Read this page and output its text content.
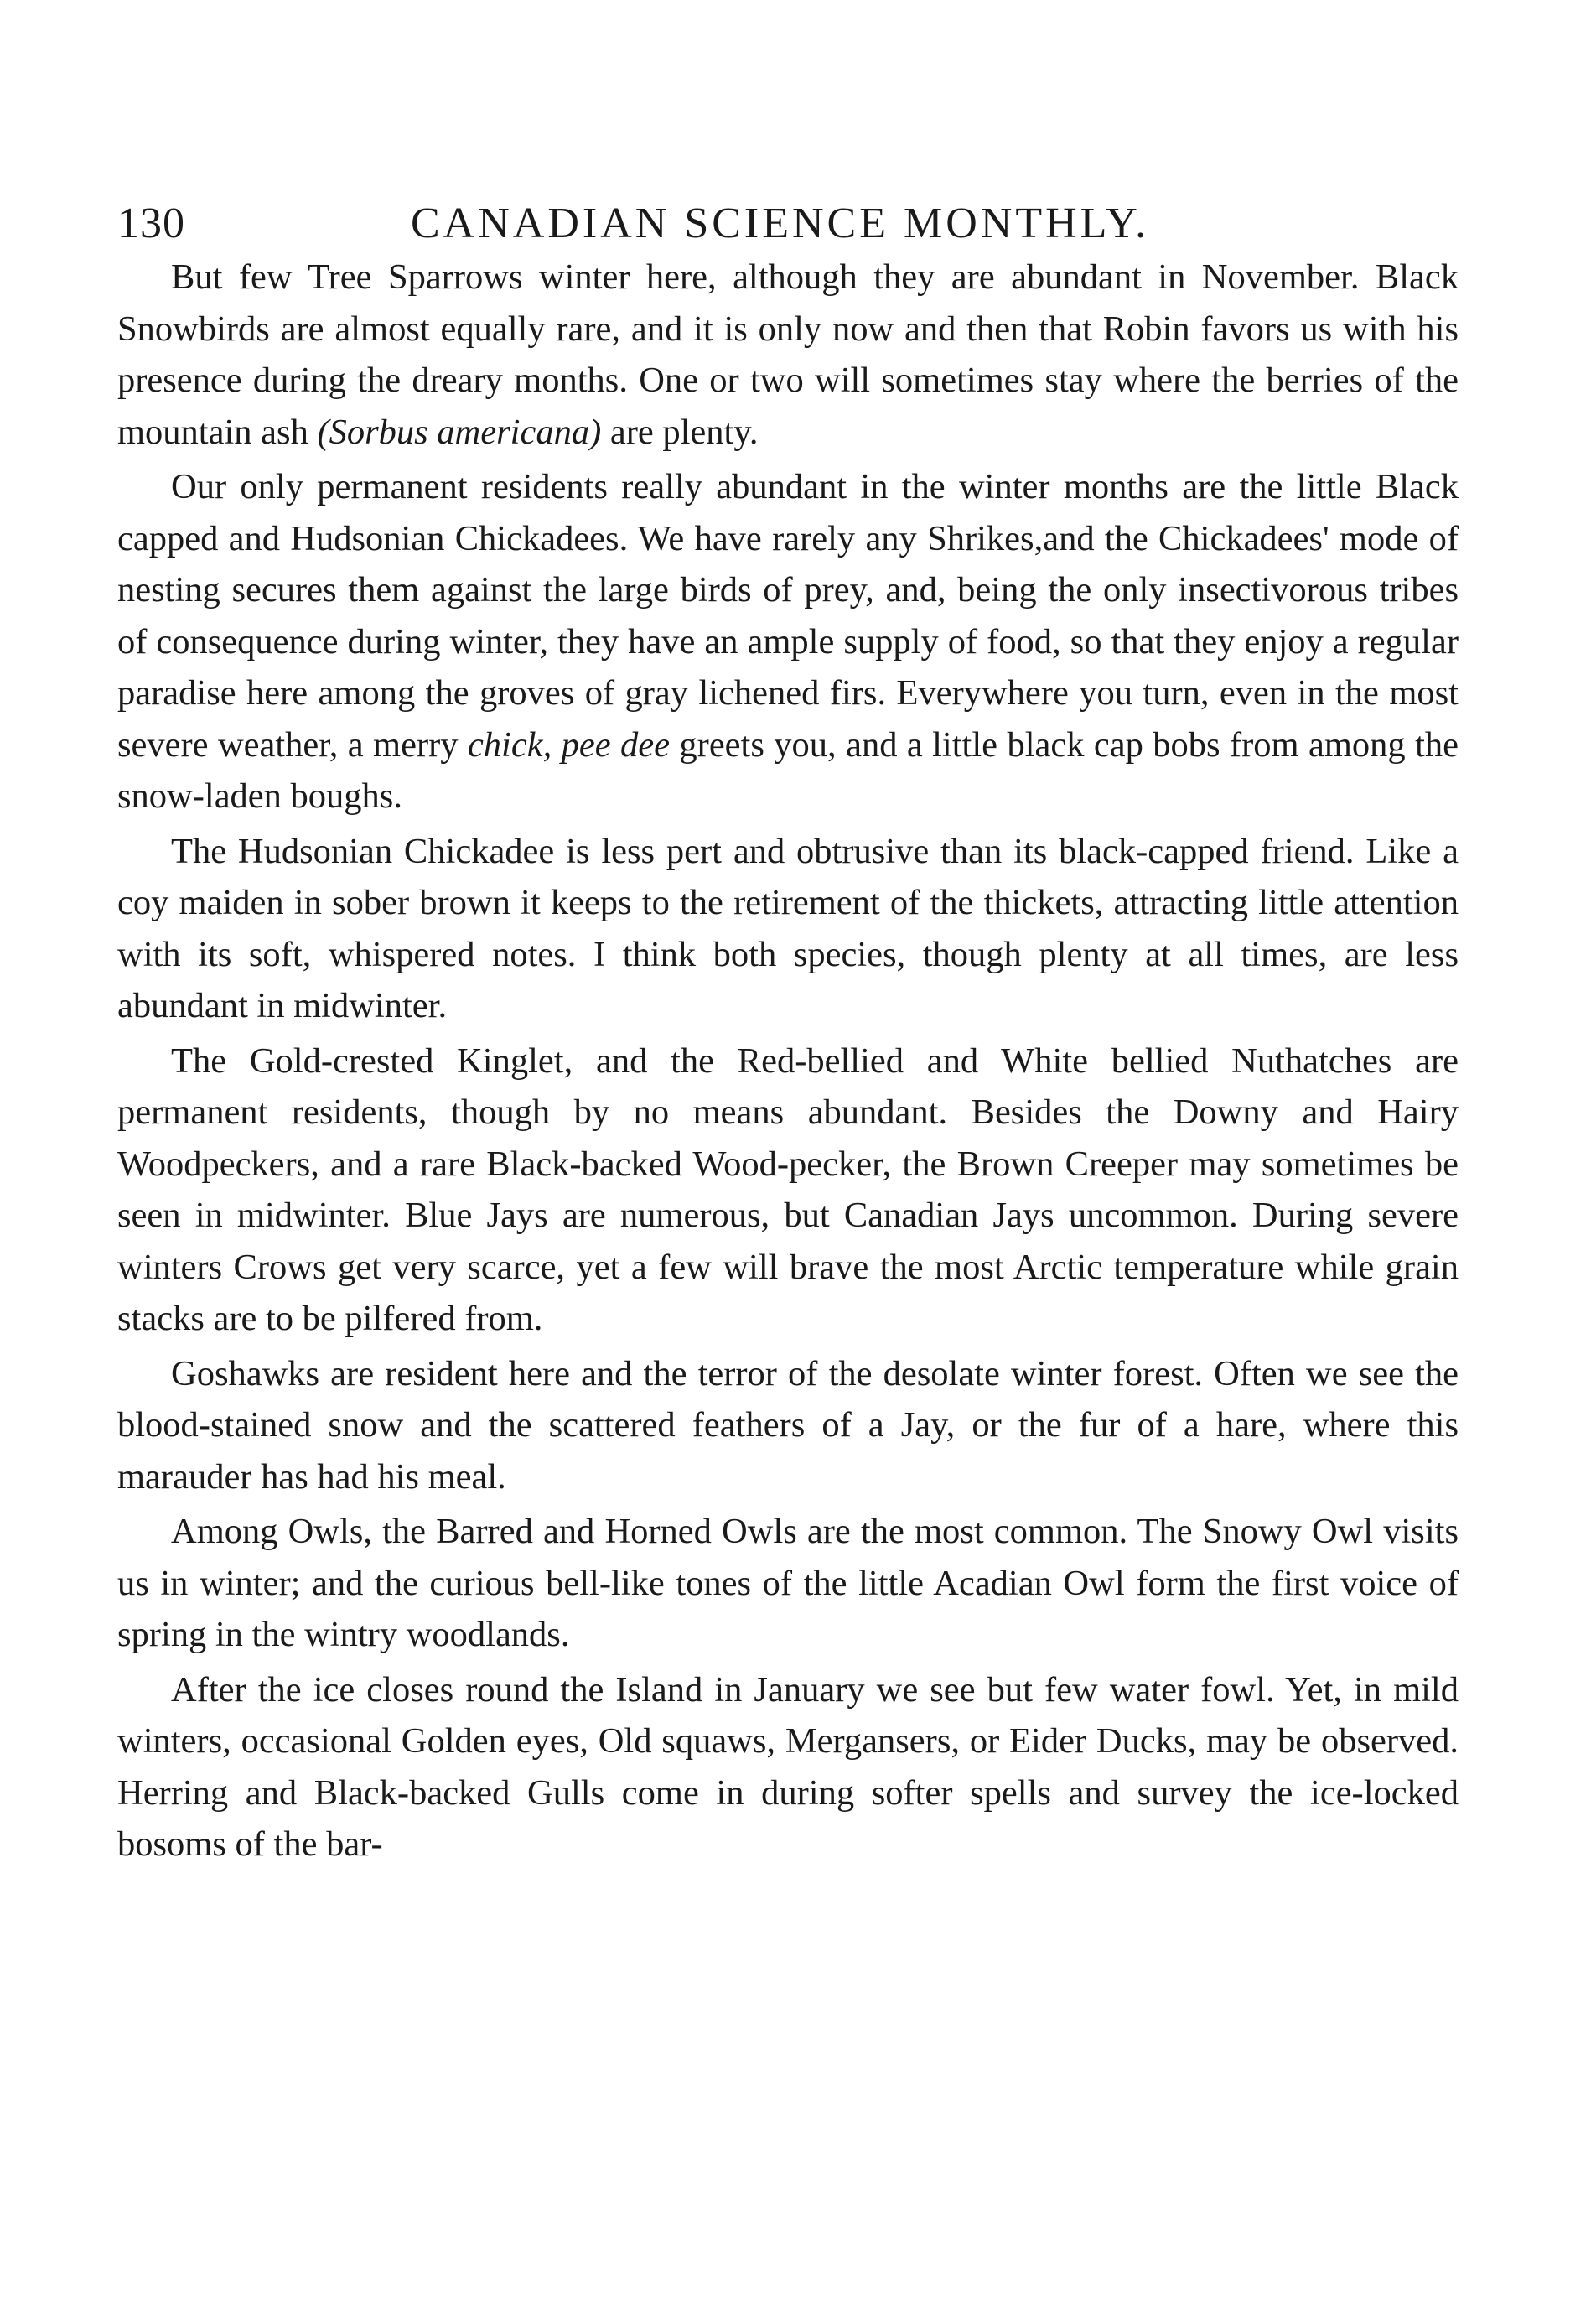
130	CANADIAN SCIENCE MONTHLY.

But few Tree Sparrows winter here, although they are abundant in November. Black Snowbirds are almost equally rare, and it is only now and then that Robin favors us with his presence during the dreary months. One or two will sometimes stay where the berries of the mountain ash (Sorbus americana) are plenty.

Our only permanent residents really abundant in the winter months are the little Black capped and Hudsonian Chickadees. We have rarely any Shrikes,and the Chickadees' mode of nesting secures them against the large birds of prey, and, being the only insectivorous tribes of consequence during winter, they have an ample supply of food, so that they enjoy a regular paradise here among the groves of gray lichened firs. Everywhere you turn, even in the most severe weather, a merry chick, pee dee greets you, and a little black cap bobs from among the snow-laden boughs.

The Hudsonian Chickadee is less pert and obtrusive than its black-capped friend. Like a coy maiden in sober brown it keeps to the retirement of the thickets, attracting little attention with its soft, whispered notes. I think both species, though plenty at all times, are less abundant in midwinter.

The Gold-crested Kinglet, and the Red-bellied and White bellied Nuthatches are permanent residents, though by no means abundant. Besides the Downy and Hairy Woodpeckers, and a rare Black-backed Wood-pecker, the Brown Creeper may sometimes be seen in midwinter. Blue Jays are numerous, but Canadian Jays uncommon. During severe winters Crows get very scarce, yet a few will brave the most Arctic temperature while grain stacks are to be pilfered from.

Goshawks are resident here and the terror of the desolate winter forest. Often we see the blood-stained snow and the scattered feathers of a Jay, or the fur of a hare, where this marauder has had his meal.

Among Owls, the Barred and Horned Owls are the most common. The Snowy Owl visits us in winter; and the curious bell-like tones of the little Acadian Owl form the first voice of spring in the wintry woodlands.

After the ice closes round the Island in January we see but few water fowl. Yet, in mild winters, occasional Golden eyes, Old squaws, Mergansers, or Eider Ducks, may be observed. Herring and Black-backed Gulls come in during softer spells and survey the ice-locked bosoms of the bar-
